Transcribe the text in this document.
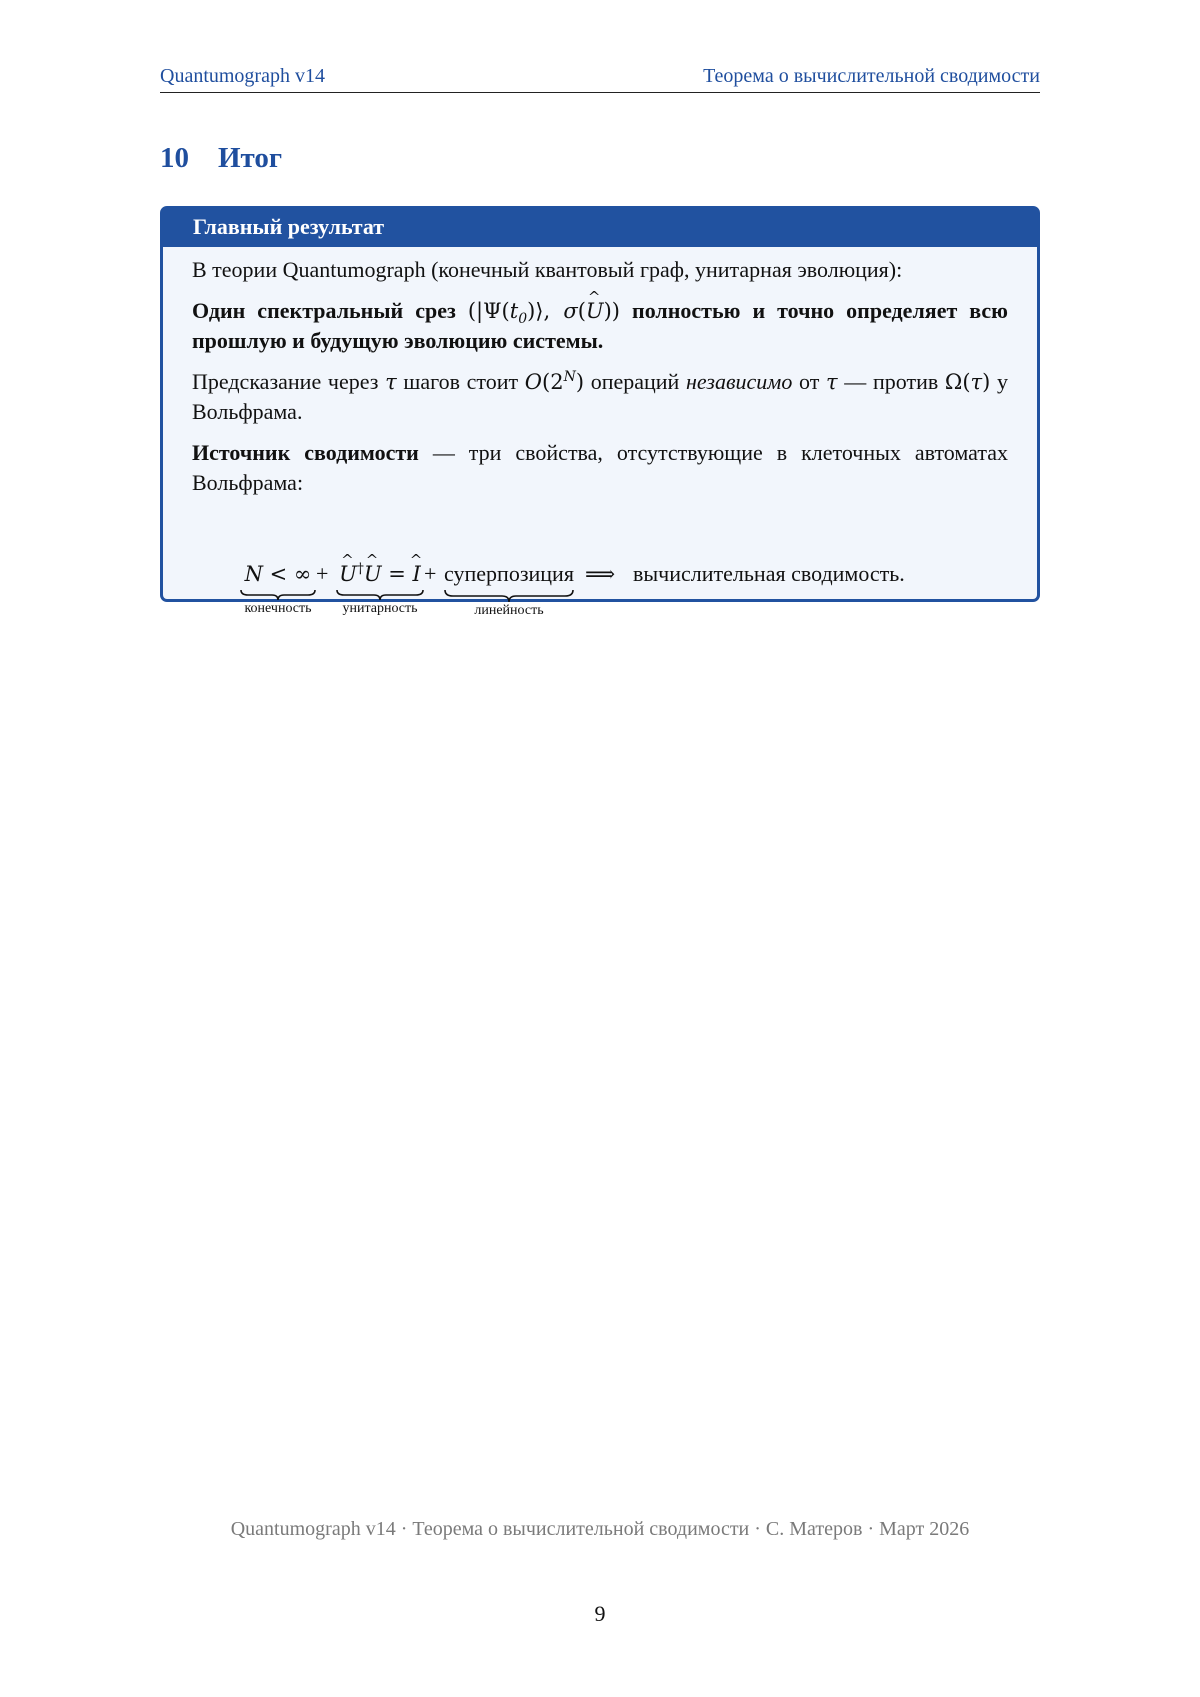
Quantumograph v14	Теорема о вычислительной сводимости
10	Итог
Главный результат

В теории Quantumograph (конечный квантовый граф, унитарная эволюция):

Один спектральный срез ($|\Psi(t_0)⟩$, σ(^ U)) полностью и точно определяет всю прошлую и будущую эволюцию системы.

Предсказание через τ шагов стоит $O(2^N)$ операций независимо от τ — против Ω(τ) у Вольфрама.

Источник сводимости — три свойства, отсутствующие в клеточных автоматах Вольфрама:

N < ∞
конечность
+ ^ U†^ U = ^ I
унитарность
+ суперпозиция
линейность
⟹ вычислительная сводимость.
Quantumograph v14 · Теорема о вычислительной сводимости · С. Матеров · Март 2026
9
